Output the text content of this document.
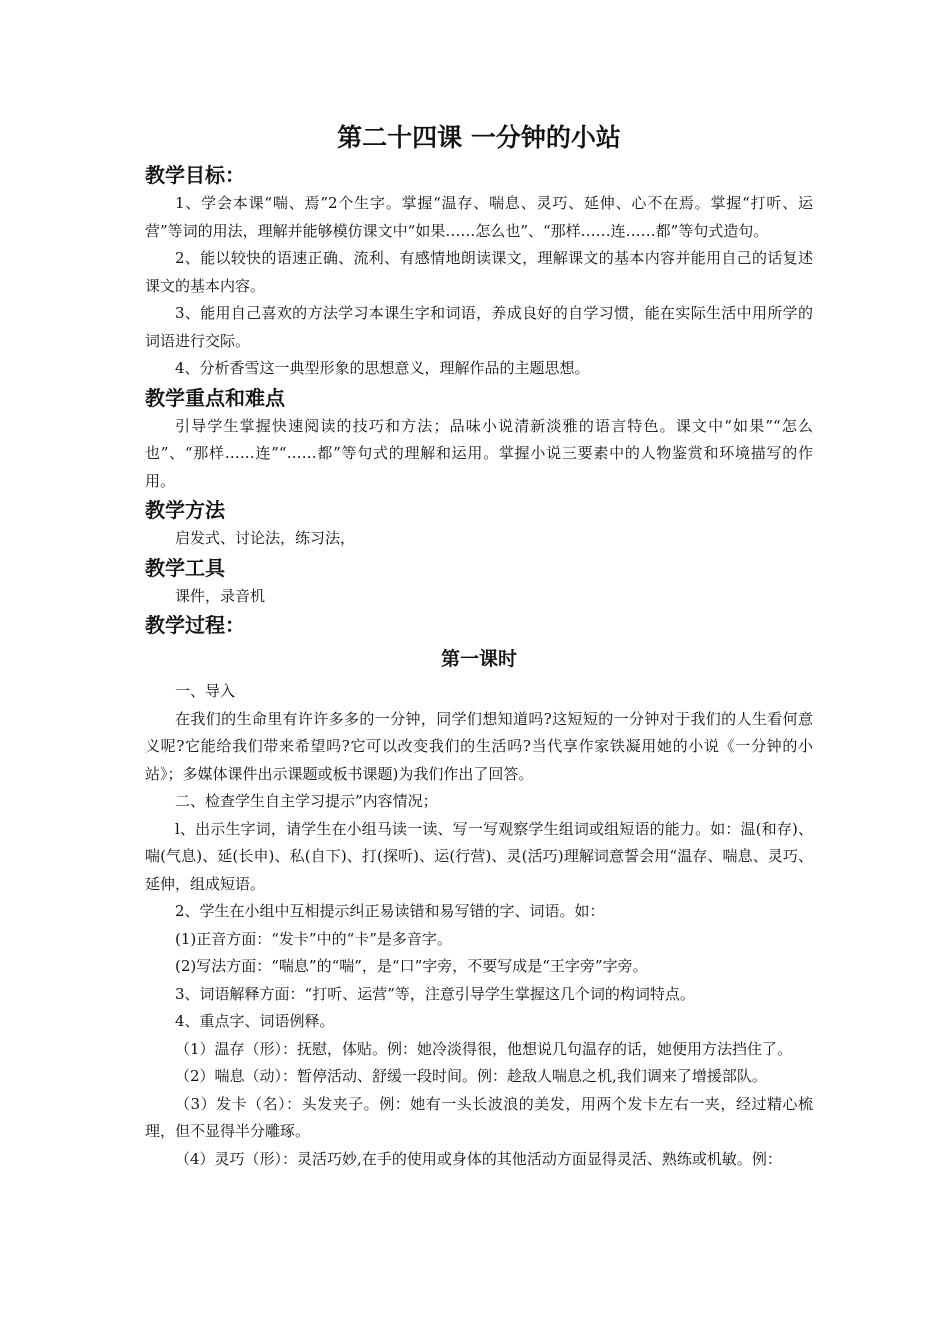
第二十四课 一分钟的小站
教学目标：

1、学会本课“喘、焉”2个生字。掌握“温存、喘息、灵巧、延伸、心不在焉。掌握“打听、运营”等词的用法，理解并能够模仿课文中“如果……怎么也”、“那样……连……都”等句式造句。

2、能以较快的语速正确、流利、有感情地朗读课文，理解课文的基本内容并能用自己的话复述课文的基本内容。

3、能用自己喜欢的方法学习本课生字和词语，养成良好的自学习惯，能在实际生活中用所学的词语进行交际。

4、分析香雪这一典型形象的思想意义，理解作品的主题思想。

教学重点和难点

引导学生掌握快速阅读的技巧和方法；品味小说清新淡雅的语言特色。课文中“如果”“怎么也”、“那样……连”“……都”等句式的理解和运用。掌握小说三要素中的人物鉴赏和环境描写的作用。

教学方法

启发式、讨论法，练习法，

教学工具

课件，录音机

教学过程：
第一课时

一、导入

在我们的生命里有许许多多的一分钟，同学们想知道吗?这短短的一分钟对于我们的人生看何意义呢?它能给我们带来希望吗?它可以改变我们的生活吗?当代享作家铁凝用她的小说《一分钟的小站》；多媒体课件出示课题或板书课题)为我们作出了回答。

二、检查学生自主学习提示”内容情况；

l、出示生字词，请学生在小组马读一读、写一写观察学生组词或组短语的能力。如：温(和存)、喘(气息)、延(长申)、私(自下)、打(探听)、运(行营)、灵(活巧)理解词意誓会用“温存、喘息、灵巧、延伸，组成短语。

2、学生在小组中互相提示纠正易读错和易写错的字、词语。如：

(1)正音方面：“发卡”中的“卡”是多音字。

(2)写法方面：“喘息”的“喘”，是“口”字旁，不要写成是“王字旁”字旁。

3、词语解释方面：“打听、运营”等，注意引导学生掌握这几个词的构词特点。

4、重点字、词语例释。

（1）温存（形）：抚慰，体贴。例：她冷淡得很，他想说几句温存的话，她便用方法挡住了。

（2）喘息（动）：暂停活动、舒缓一段时间。例：趁敌人喘息之机,我们调来了增援部队。

（3）发卡（名）：头发夹子。例：她有一头长波浪的美发，用两个发卡左右一夹，经过精心梳理，但不显得半分雕琢。

（4）灵巧（形）：灵活巧妙,在手的使用或身体的其他活动方面显得灵活、熟练或机敏。例：
